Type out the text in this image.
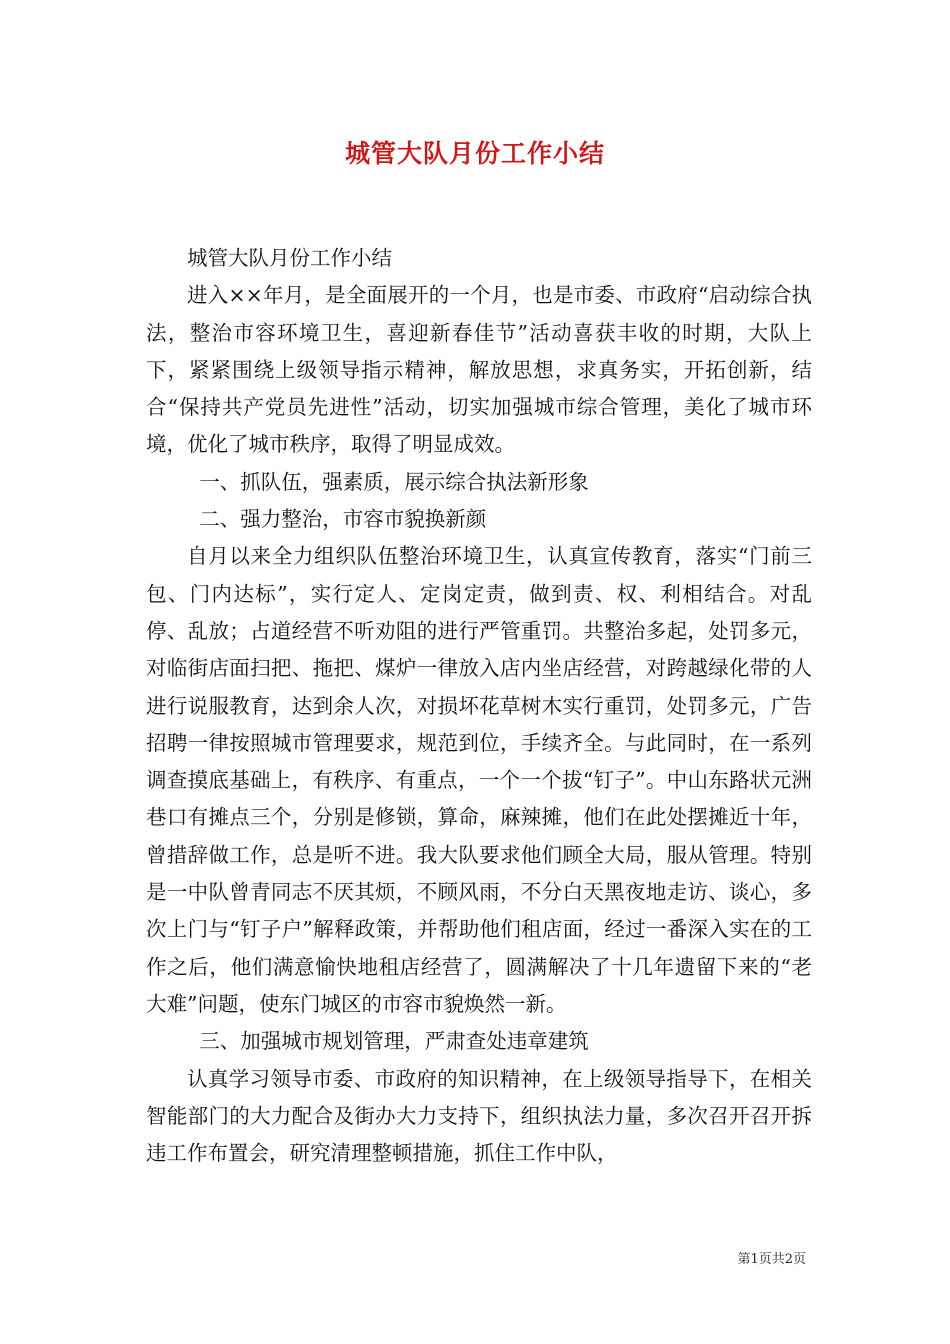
城管大队月份工作小结

城管大队月份工作小结

进入××年月，是全面展开的一个月，也是市委、市政府“启动综合执法，整治市容环境卫生，喜迎新春佳节”活动喜获丰收的时期，大队上下，紧紧围绕上级领导指示精神，解放思想，求真务实，开拓创新，结合“保持共产党员先进性”活动，切实加强城市综合管理，美化了城市环境，优化了城市秩序，取得了明显成效。

一、抓队伍，强素质，展示综合执法新形象

二、强力整治，市容市貌换新颜

自月以来全力组织队伍整治环境卫生，认真宣传教育，落实“门前三包、门内达标”，实行定人、定岗定责，做到责、权、利相结合。对乱停、乱放；占道经营不听劝阻的进行严管重罚。共整治多起，处罚多元，对临街店面扫把、拖把、煤炉一律放入店内坐店经营，对跨越绿化带的人进行说服教育，达到余人次，对损坏花草树木实行重罚，处罚多元，广告招聘一律按照城市管理要求，规范到位，手续齐全。与此同时，在一系列调查摸底基础上，有秩序、有重点，一个一个拔“钉子”。中山东路状元洲巷口有摊点三个，分别是修锁，算命，麻辣摊，他们在此处摆摊近十年，曾措辞做工作，总是听不进。我大队要求他们顾全大局，服从管理。特别是一中队曾青同志不厌其烦，不顾风雨，不分白天黑夜地走访、谈心，多次上门与“钉子户”解释政策，并帮助他们租店面，经过一番深入实在的工作之后，他们满意愉快地租店经营了，圆满解决了十几年遗留下来的“老大难”问题，使东门城区的市容市貌焕然一新。

三、加强城市规划管理，严肃查处违章建筑

认真学习领导市委、市政府的知识精神，在上级领导指导下，在相关智能部门的大力配合及街办大力支持下，组织执法力量，多次召开召开拆违工作布置会，研究清理整顿措施，抓住工作中队，

第1页共2页
